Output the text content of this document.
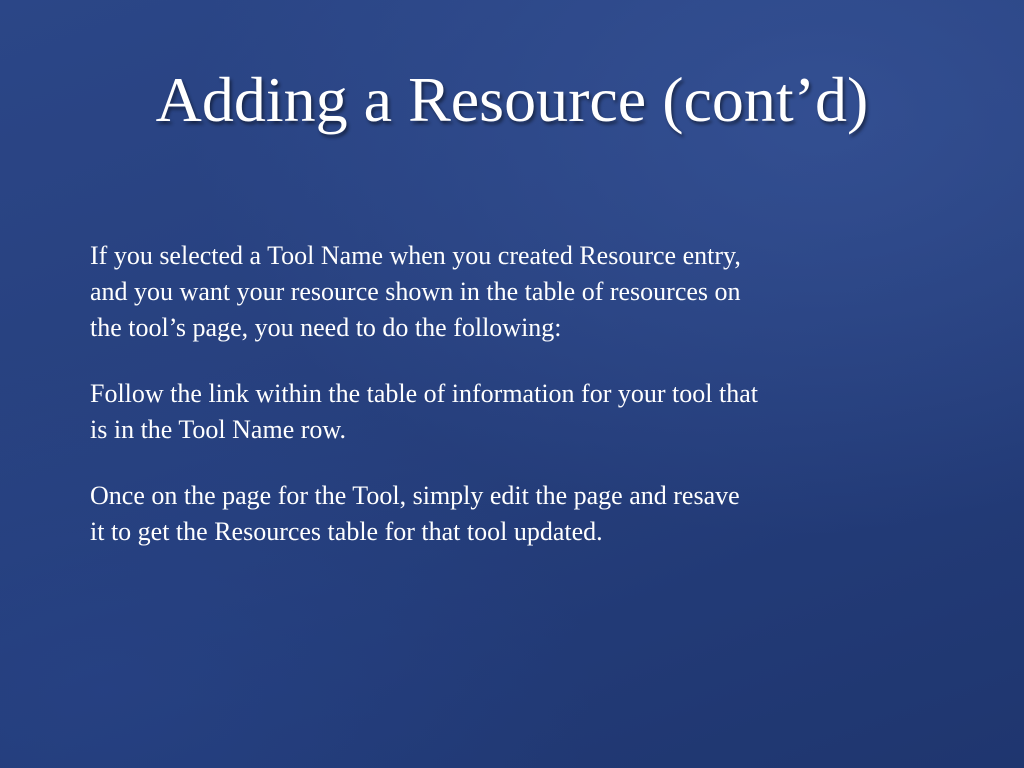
Adding a Resource (cont’d)

If you selected a Tool Name when you created Resource entry,
and you want your resource shown in the table of resources on
the tool’s page, you need to do the following:

Follow the link within the table of information for your tool that
is in the Tool Name row.

Once on the page for the Tool, simply edit the page and resave
it to get the Resources table for that tool updated.
